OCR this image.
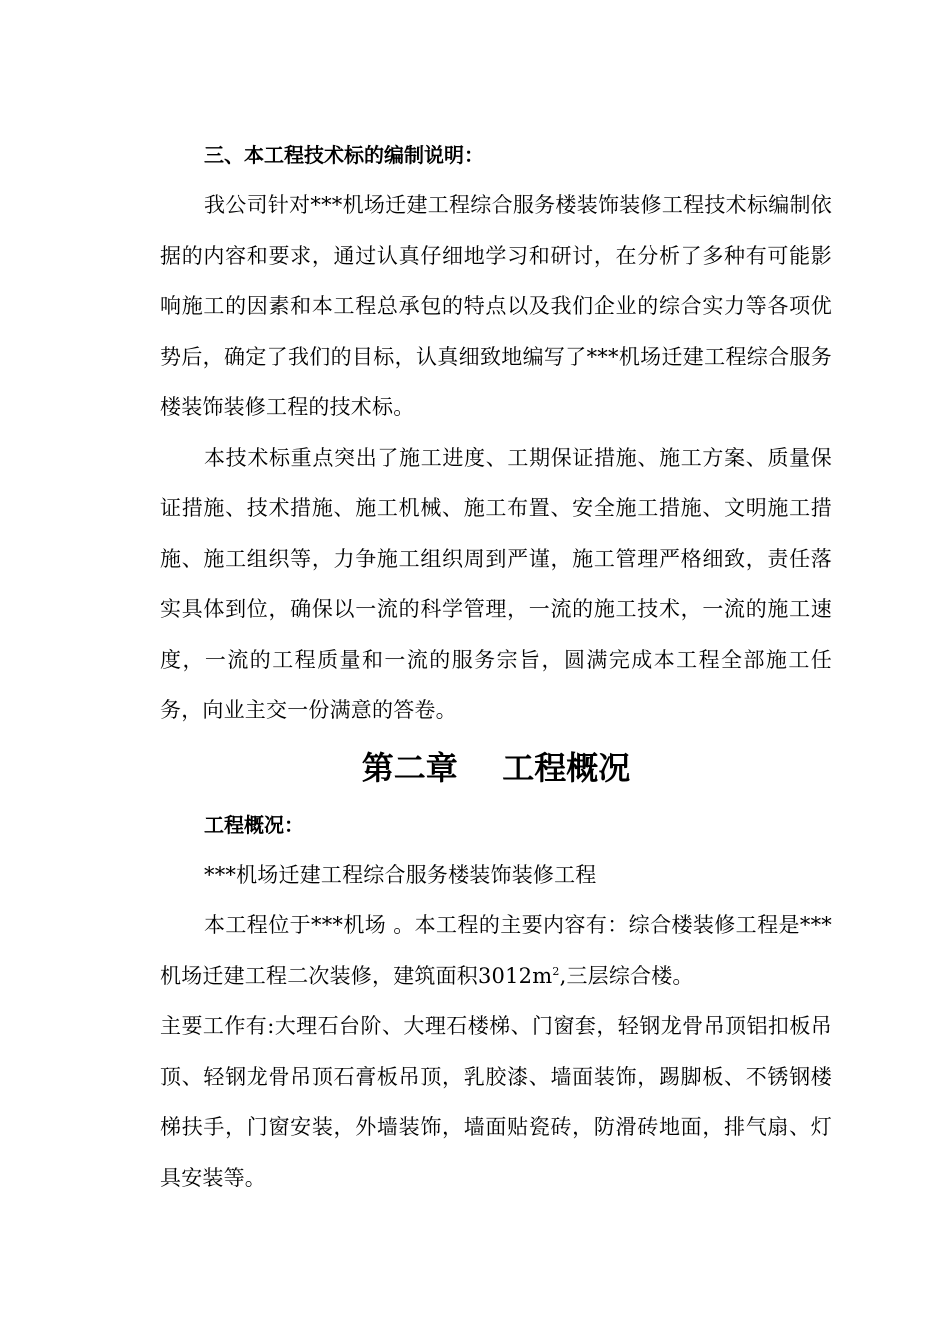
三、本工程技术标的编制说明：

我公司针对***机场迁建工程综合服务楼装饰装修工程技术标编制依据的内容和要求，通过认真仔细地学习和研讨，在分析了多种有可能影响施工的因素和本工程总承包的特点以及我们企业的综合实力等各项优势后，确定了我们的目标，认真细致地编写了***机场迁建工程综合服务楼装饰装修工程的技术标。

本技术标重点突出了施工进度、工期保证措施、施工方案、质量保证措施、技术措施、施工机械、施工布置、安全施工措施、文明施工措施、施工组织等，力争施工组织周到严谨，施工管理严格细致，责任落实具体到位，确保以一流的科学管理，一流的施工技术，一流的施工速度，一流的工程质量和一流的服务宗旨，圆满完成本工程全部施工任务，向业主交一份满意的答卷。

第二章    工程概况

工程概况：

***机场迁建工程综合服务楼装饰装修工程

本工程位于***机场 。本工程的主要内容有：综合楼装修工程是***机场迁建工程二次装修，建筑面积$3012m^2$,三层综合楼。

主要工作有:大理石台阶、大理石楼梯、门窗套，轻钢龙骨吊顶铝扣板吊顶、轻钢龙骨吊顶石膏板吊顶，乳胶漆、墙面装饰，踢脚板、不锈钢楼梯扶手，门窗安装，外墙装饰，墙面贴瓷砖，防滑砖地面，排气扇、灯具安装等。
